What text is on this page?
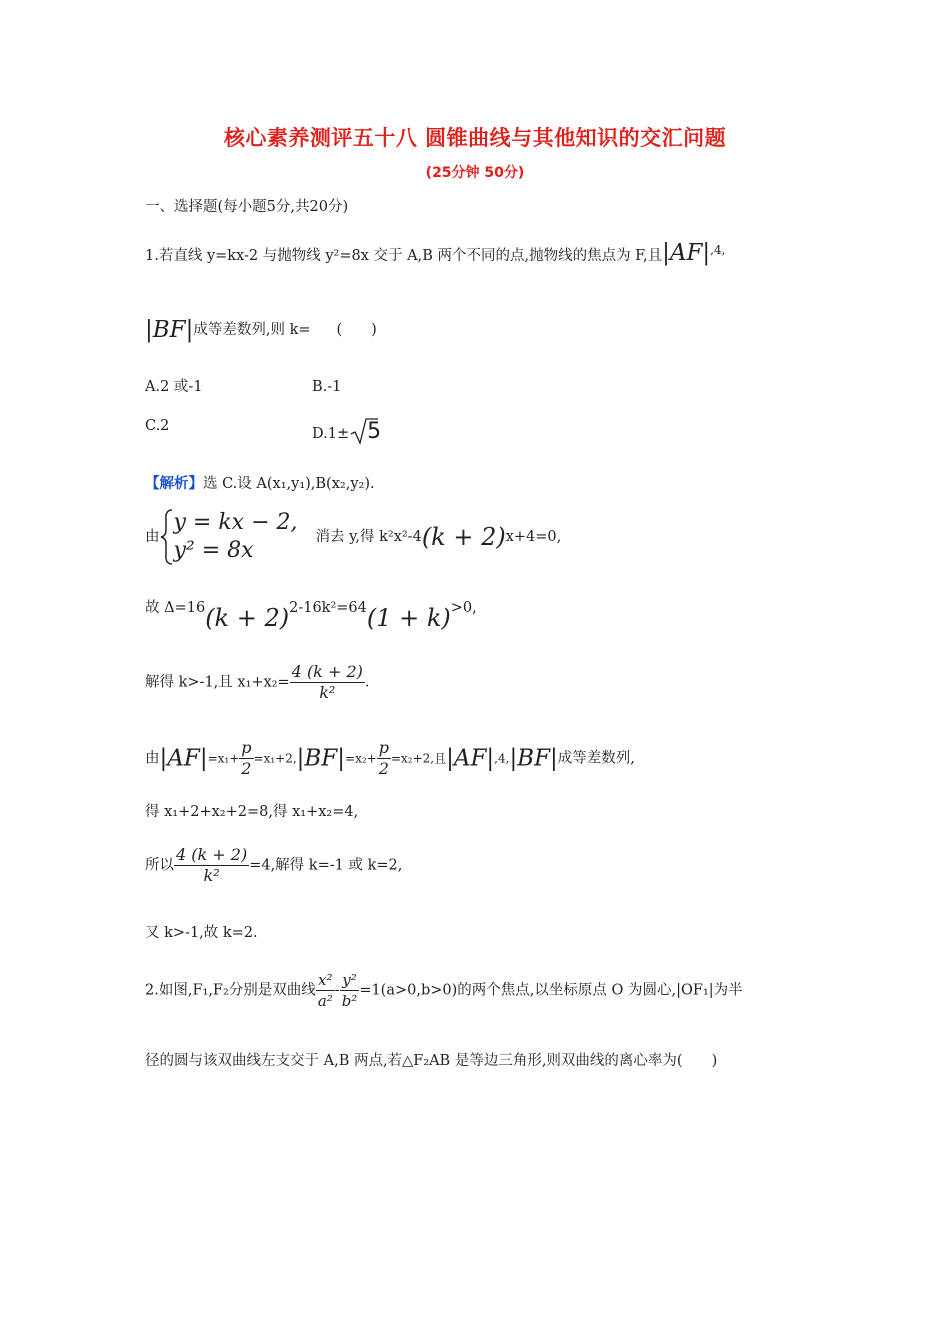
核心素养测评五十八 圆锥曲线与其他知识的交汇问题
(25分钟 50分)
一、选择题(每小题5分,共20分)
1.若直线 y=kx-2 与抛物线 y²=8x 交于 A,B 两个不同的点,抛物线的焦点为 F,且$|AF|^{,4,}$
|BF|成等差数列,则 k= (　　)
A.2 或-1	B.-1
C.2	D.1± 5
【解析】选 C.设 A(x₁,y₁),B(x₂,y₂).
由
y = kx − 2,
y² = 8x
消去 y,得 k²x²-4(k + 2)x+4=0,
故 Δ=16(k + 2)2-16k²=64(1 + k)>0,
解得 k>-1,且 $x_1+x_2= \frac{4 (k + 2)}{\text{k²}}$ .
由$|AF|=x_1+ \frac{p}{2} =x_1+2,|BF|=x_2+ \frac{p}{2} =x_2+2$,且|AF|,4,|BF|成等差数列,
得 x₁+2+x₂+2=8,得 x₁+x₂=4,
所以 $\frac{4 (k + 2)}{\text{k²}} =4$,解得 k=-1 或 k=2,
又 k>-1,故 k=2.
2.如图,F₁,F₂分别是双曲线 $\frac{\text{x²}}{\text{a²}} - \frac{\text{y²}}{\text{b²}} =1(a>0,b>0)$的两个焦点,以坐标原点 O 为圆心,|OF₁|为半
径的圆与该双曲线左支交于 A,B 两点,若△F₂AB 是等边三角形,则双曲线的离心率为(　　)
